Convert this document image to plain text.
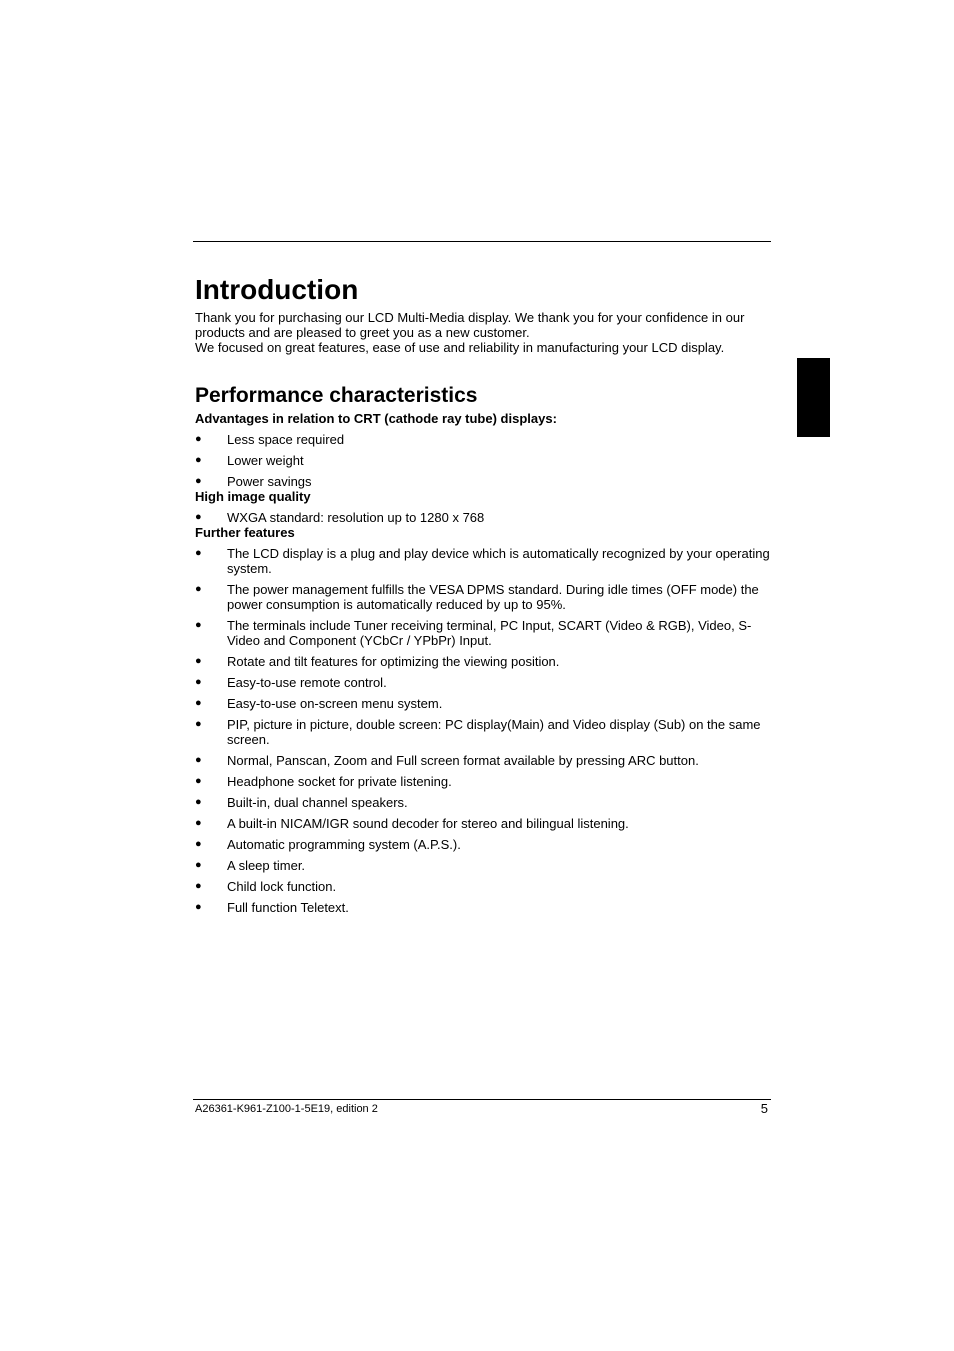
Introduction

Thank you for purchasing our LCD Multi-Media display. We thank you for your confidence in our products and are pleased to greet you as a new customer.

We focused on great features, ease of use and reliability in manufacturing your LCD display.

Performance characteristics
Advantages in relation to CRT (cathode ray tube) displays:
● Less space required
● Lower weight
● Power savings
High image quality
● WXGA standard: resolution up to 1280 x 768
Further features
● The LCD display is a plug and play device which is automatically recognized by your operating system.
● The power management fulfills the VESA DPMS standard. During idle times (OFF mode) the power consumption is automatically reduced by up to 95%.
● The terminals include Tuner receiving terminal, PC Input, SCART (Video & RGB), Video, S-Video and Component (YCbCr / YPbPr) Input.
● Rotate and tilt features for optimizing the viewing position.
● Easy-to-use remote control.
● Easy-to-use on-screen menu system.
● PIP, picture in picture, double screen: PC display(Main) and Video display (Sub) on the same screen.
● Normal, Panscan, Zoom and Full screen format available by pressing ARC button.
● Headphone socket for private listening.
● Built-in, dual channel speakers.
● A built-in NICAM/IGR sound decoder for stereo and bilingual listening.
● Automatic programming system (A.P.S.).
● A sleep timer.
● Child lock function.
● Full function Teletext.
A26361-K961-Z100-1-5E19, edition 2	5
